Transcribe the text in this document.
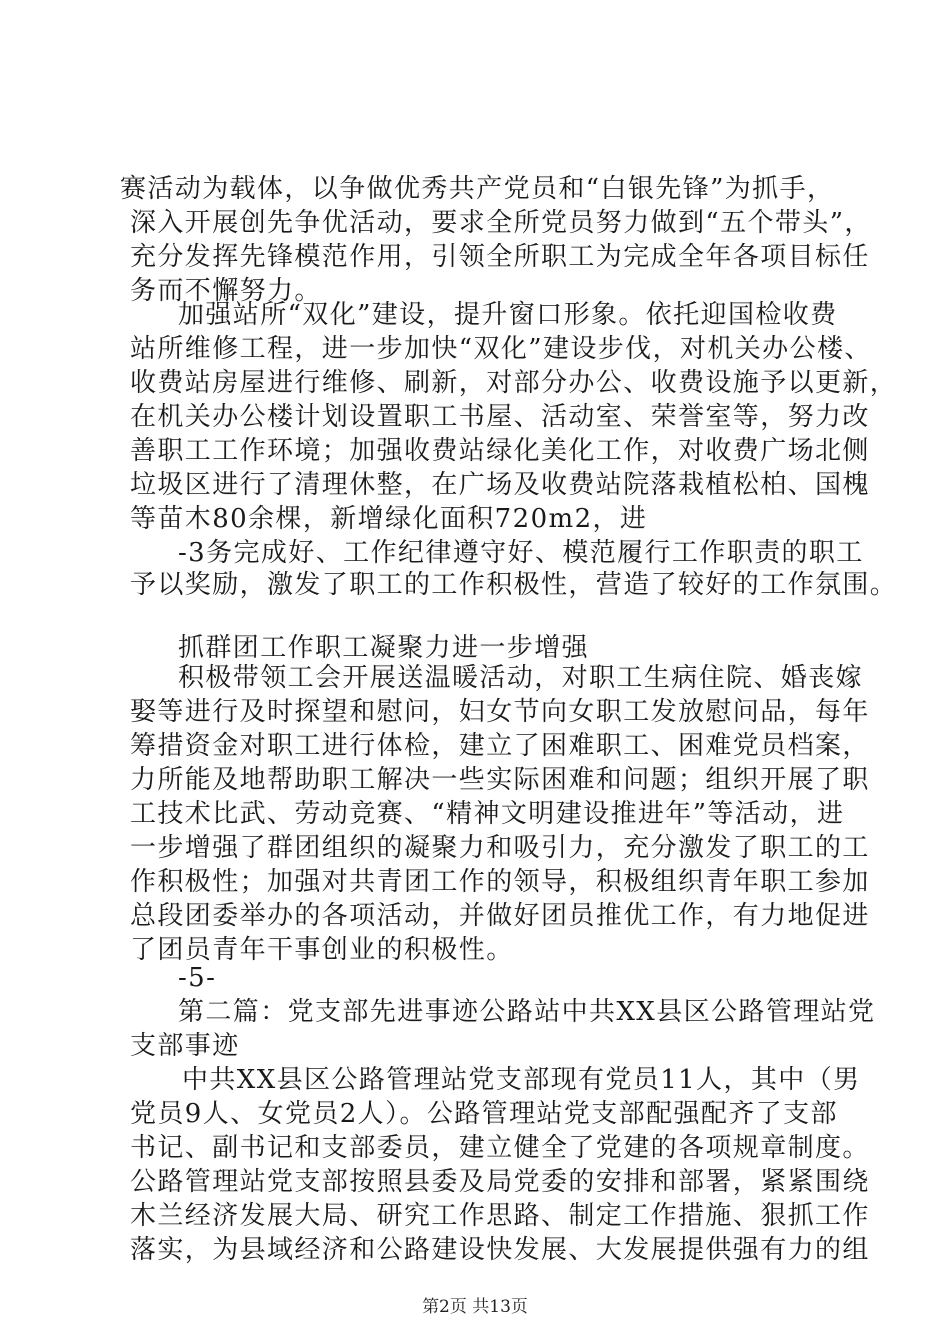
赛活动为载体，以争做优秀共产党员和“白银先锋”为抓手，
深入开展创先争优活动，要求全所党员努力做到“五个带头”，
充分发挥先锋模范作用，引领全所职工为完成全年各项目标任
务而不懈努力。
加强站所“双化”建设，提升窗口形象。依托迎国检收费
站所维修工程，进一步加快“双化”建设步伐，对机关办公楼、
收费站房屋进行维修、刷新，对部分办公、收费设施予以更新，
在机关办公楼计划设置职工书屋、活动室、荣誉室等，努力改
善职工工作环境；加强收费站绿化美化工作，对收费广场北侧
垃圾区进行了清理休整，在广场及收费站院落栽植松柏、国槐
等苗木80余棵，新增绿化面积720m2，进
-3务完成好、工作纪律遵守好、模范履行工作职责的职工
予以奖励，激发了职工的工作积极性，营造了较好的工作氛围。
抓群团工作职工凝聚力进一步增强
积极带领工会开展送温暖活动，对职工生病住院、婚丧嫁
娶等进行及时探望和慰问，妇女节向女职工发放慰问品，每年
筹措资金对职工进行体检，建立了困难职工、困难党员档案，
力所能及地帮助职工解决一些实际困难和问题；组织开展了职
工技术比武、劳动竞赛、“精神文明建设推进年”等活动，进
一步增强了群团组织的凝聚力和吸引力，充分激发了职工的工
作积极性；加强对共青团工作的领导，积极组织青年职工参加
总段团委举办的各项活动，并做好团员推优工作，有力地促进
了团员青年干事创业的积极性。
-5-
第二篇：党支部先进事迹公路站中共XX县区公路管理站党
支部事迹
中共XX县区公路管理站党支部现有党员11人，其中（男
党员9人、女党员2人）。公路管理站党支部配强配齐了支部
书记、副书记和支部委员，建立健全了党建的各项规章制度。
公路管理站党支部按照县委及局党委的安排和部署，紧紧围绕
木兰经济发展大局、研究工作思路、制定工作措施、狠抓工作
落实，为县域经济和公路建设快发展、大发展提供强有力的组
第2页 共13页
